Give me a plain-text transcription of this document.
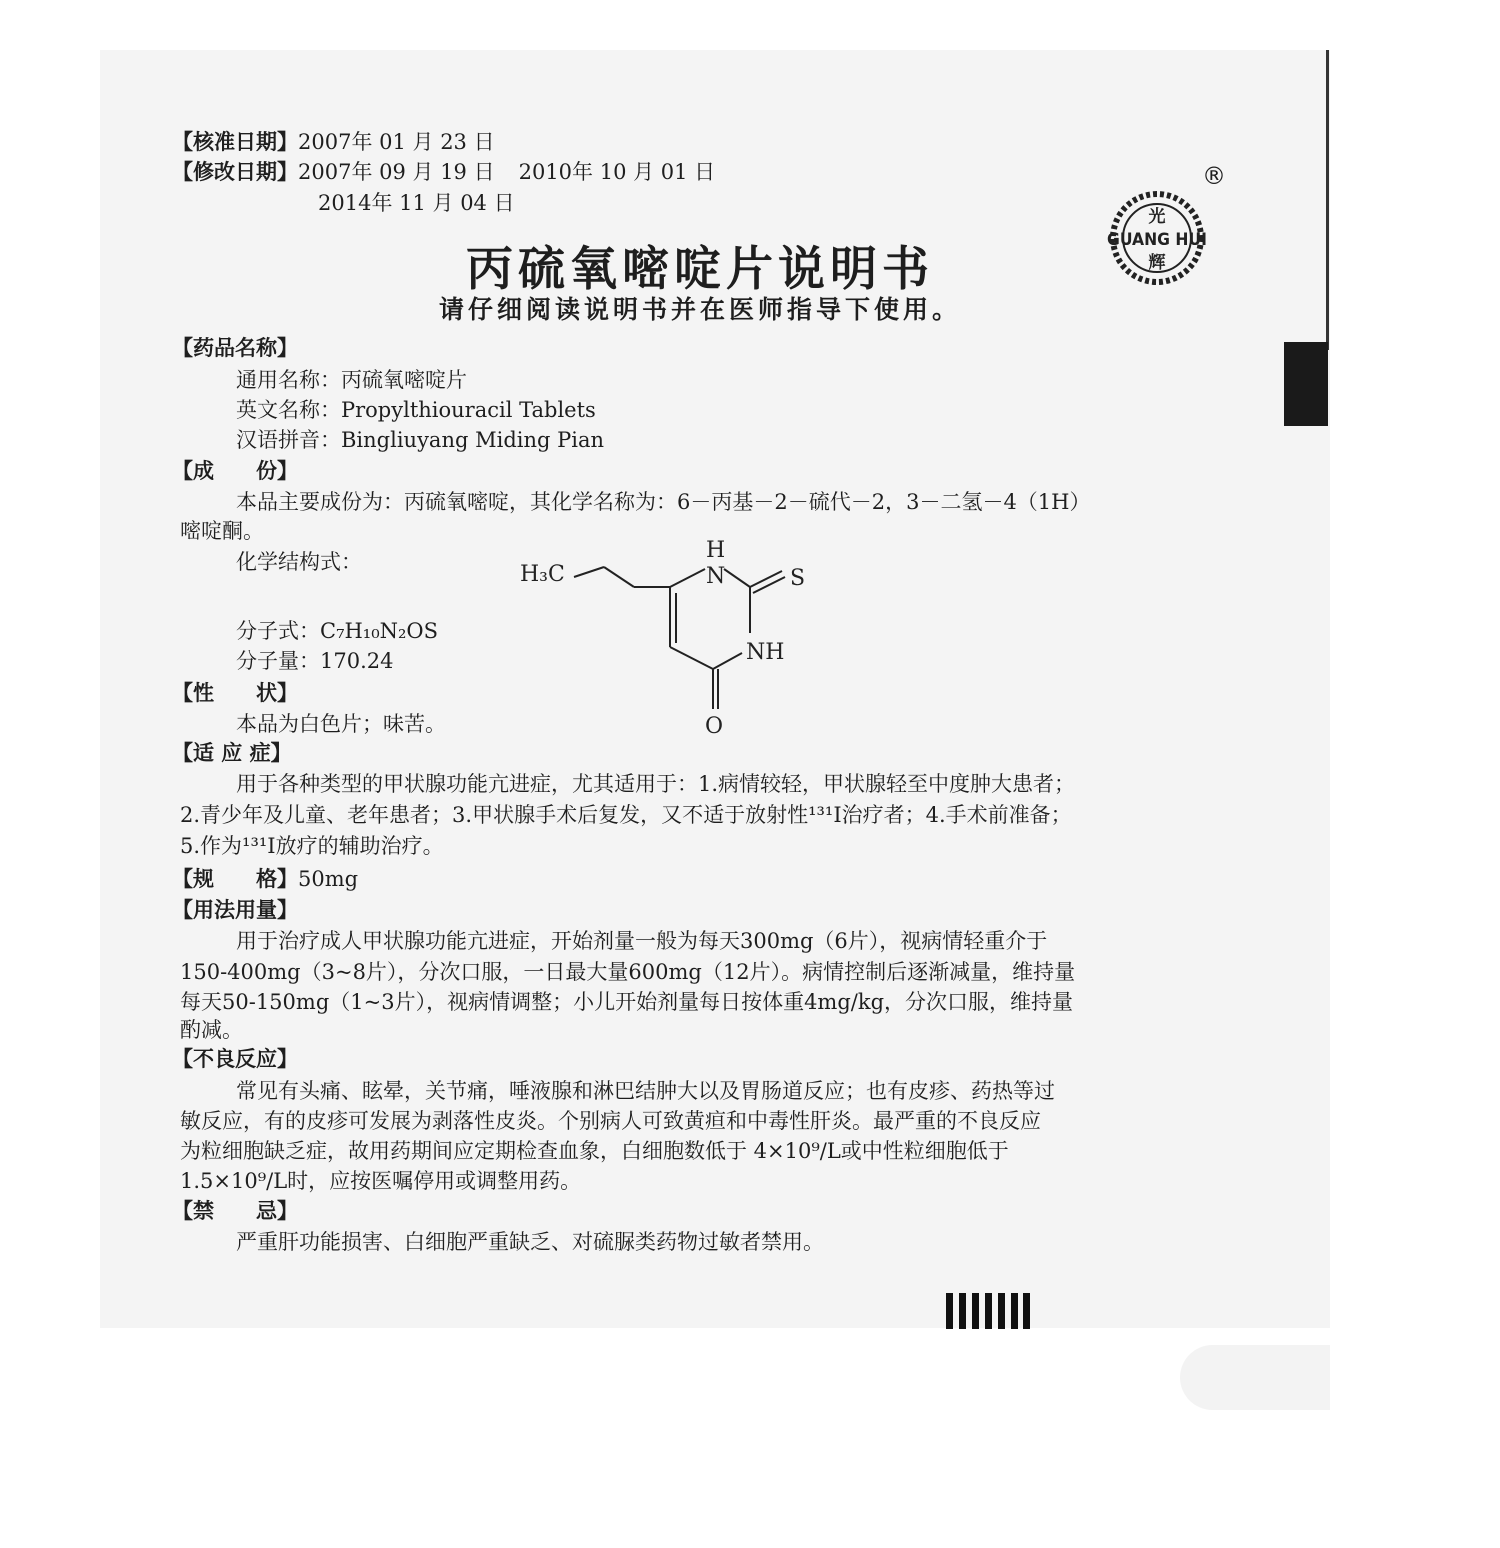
【核准日期】2007年 01 月 23 日
【修改日期】2007年 09 月 19 日 2010年 10 月 01 日
2014年 11 月 04 日
光
GUANG HUI
辉
®
丙硫氧嘧啶片说明书
请仔细阅读说明书并在医师指导下使用。
【药品名称】
通用名称：丙硫氧嘧啶片
英文名称：Propylthiouracil Tablets
汉语拼音：Bingliuyang Miding Pian
【成　　份】
本品主要成份为：丙硫氧嘧啶，其化学名称为：6－丙基－2－硫代－2，3－二氢－4（1H）
嘧啶酮。
化学结构式：
分子式：C₇H₁₀N₂OS
分子量：170.24
H₃C
H
N	S
NH
O
【性　　状】
本品为白色片；味苦。
【适 应 症】
用于各种类型的甲状腺功能亢进症，尤其适用于：1.病情较轻，甲状腺轻至中度肿大患者；
2.青少年及儿童、老年患者；3.甲状腺手术后复发，又不适于放射性¹³¹I治疗者；4.手术前准备；
5.作为¹³¹I放疗的辅助治疗。
【规　　格】50mg
【用法用量】
用于治疗成人甲状腺功能亢进症，开始剂量一般为每天300mg（6片），视病情轻重介于
150-400mg（3~8片），分次口服，一日最大量600mg（12片）。病情控制后逐渐减量，维持量
每天50-150mg（1~3片），视病情调整；小儿开始剂量每日按体重4mg/kg，分次口服，维持量
酌减。
【不良反应】
常见有头痛、眩晕，关节痛，唾液腺和淋巴结肿大以及胃肠道反应；也有皮疹、药热等过
敏反应，有的皮疹可发展为剥落性皮炎。个别病人可致黄疸和中毒性肝炎。最严重的不良反应
为粒细胞缺乏症，故用药期间应定期检查血象，白细胞数低于 4×10⁹/L或中性粒细胞低于
1.5×10⁹/L时，应按医嘱停用或调整用药。
【禁　　忌】
严重肝功能损害、白细胞严重缺乏、对硫脲类药物过敏者禁用。
